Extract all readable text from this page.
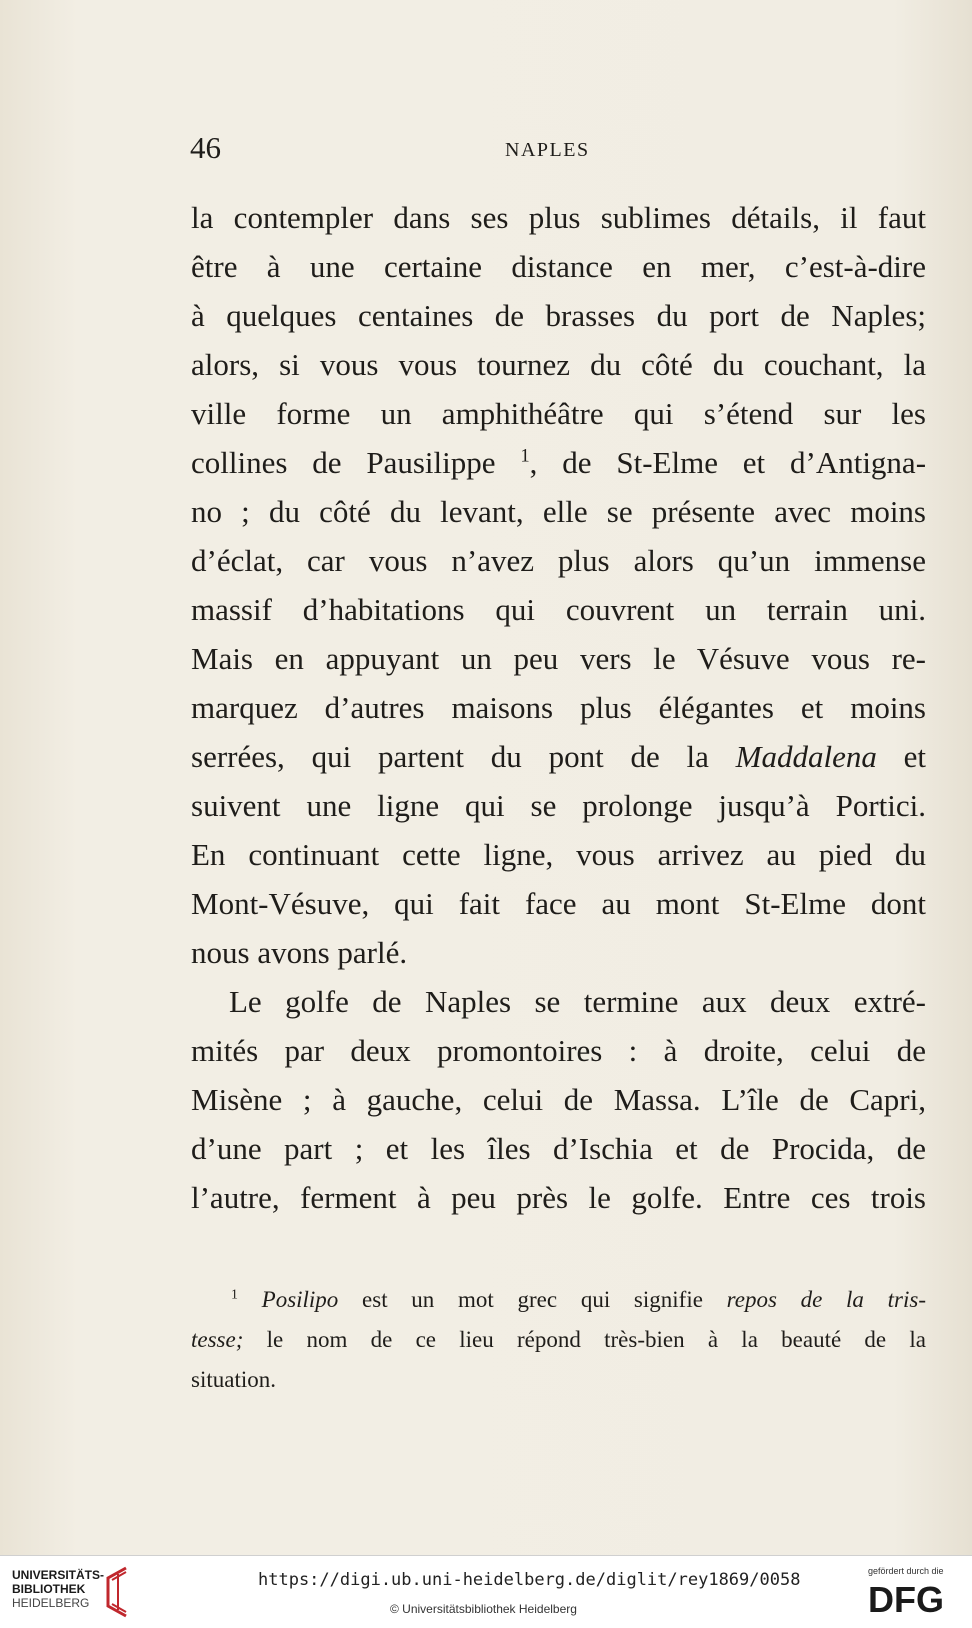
46	NAPLES
la contempler dans ses plus sublimes détails, il faut
être à une certaine distance en mer, c’est-à-dire
à quelques centaines de brasses du port de Naples;
alors, si vous vous tournez du côté du couchant, la
ville forme un amphithéâtre qui s’étend sur les
collines de Pausilippe $^1$, de St-Elme et d’Antigna-
no ; du côté du levant, elle se présente avec moins
d’éclat, car vous n’avez plus alors qu’un immense
massif d’habitations qui couvrent un terrain uni.
Mais en appuyant un peu vers le Vésuve vous re-
marquez d’autres maisons plus élégantes et moins
serrées, qui partent du pont de la Maddalena et
suivent une ligne qui se prolonge jusqu’à Portici.
En continuant cette ligne, vous arrivez au pied du
Mont-Vésuve, qui fait face au mont St-Elme dont
nous avons parlé.
Le golfe de Naples se termine aux deux extré-
mités par deux promontoires : à droite, celui de
Misène ; à gauche, celui de Massa. L’île de Capri,
d’une part ; et les îles d’Ischia et de Procida, de
l’autre, ferment à peu près le golfe. Entre ces trois
$^1$ Posilipo est un mot grec qui signifie repos de la tris-
tesse; le nom de ce lieu répond très-bien à la beauté de la
situation.
UNIVERSITÄTS-
BIBLIOTHEK
HEIDELBERG
https://digi.ub.uni-heidelberg.de/diglit/rey1869/0058
© Universitätsbibliothek Heidelberg
gefördert durch die
DFG
